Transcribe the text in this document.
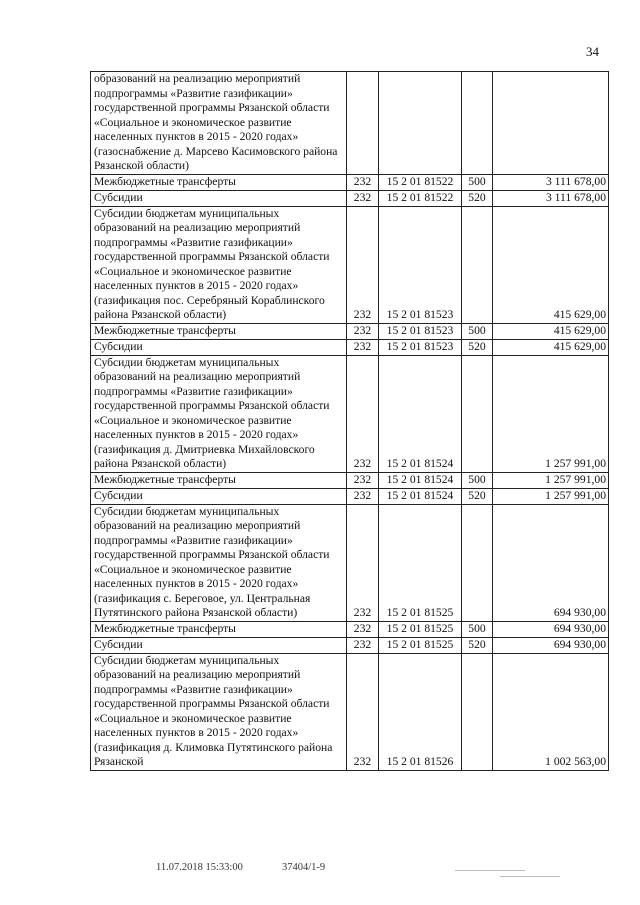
34
образований на реализацию мероприятий подпрограммы «Развитие газификации» государственной программы Рязанской области «Социальное и экономическое развитие населенных пунктов в 2015 - 2020 годах» (газоснабжение д. Марсево Касимовского района Рязанской области)				
Межбюджетные трансферты	232	15 2 01 81522	500	3 111 678,00
Субсидии	232	15 2 01 81522	520	3 111 678,00
Субсидии бюджетам муниципальных образований на реализацию мероприятий подпрограммы «Развитие газификации» государственной программы Рязанской области «Социальное и экономическое развитие населенных пунктов в 2015 - 2020 годах» (газификация пос. Серебряный Кораблинского района Рязанской области)	232	15 2 01 81523		415 629,00
Межбюджетные трансферты	232	15 2 01 81523	500	415 629,00
Субсидии	232	15 2 01 81523	520	415 629,00
Субсидии бюджетам муниципальных образований на реализацию мероприятий подпрограммы «Развитие газификации» государственной программы Рязанской области «Социальное и экономическое развитие населенных пунктов в 2015 - 2020 годах» (газификация д. Дмитриевка Михайловского района Рязанской области)	232	15 2 01 81524		1 257 991,00
Межбюджетные трансферты	232	15 2 01 81524	500	1 257 991,00
Субсидии	232	15 2 01 81524	520	1 257 991,00
Субсидии бюджетам муниципальных образований на реализацию мероприятий подпрограммы «Развитие газификации» государственной программы Рязанской области «Социальное и экономическое развитие населенных пунктов в 2015 - 2020 годах» (газификация с. Береговое, ул. Центральная Путятинского района Рязанской области)	232	15 2 01 81525		694 930,00
Межбюджетные трансферты	232	15 2 01 81525	500	694 930,00
Субсидии	232	15 2 01 81525	520	694 930,00
Субсидии бюджетам муниципальных образований на реализацию мероприятий подпрограммы «Развитие газификации» государственной программы Рязанской области «Социальное и экономическое развитие населенных пунктов в 2015 - 2020 годах» (газификация д. Климовка Путятинского района Рязанской	232	15 2 01 81526		1 002 563,00
11.07.2018 15:33:00	37404/1-9
